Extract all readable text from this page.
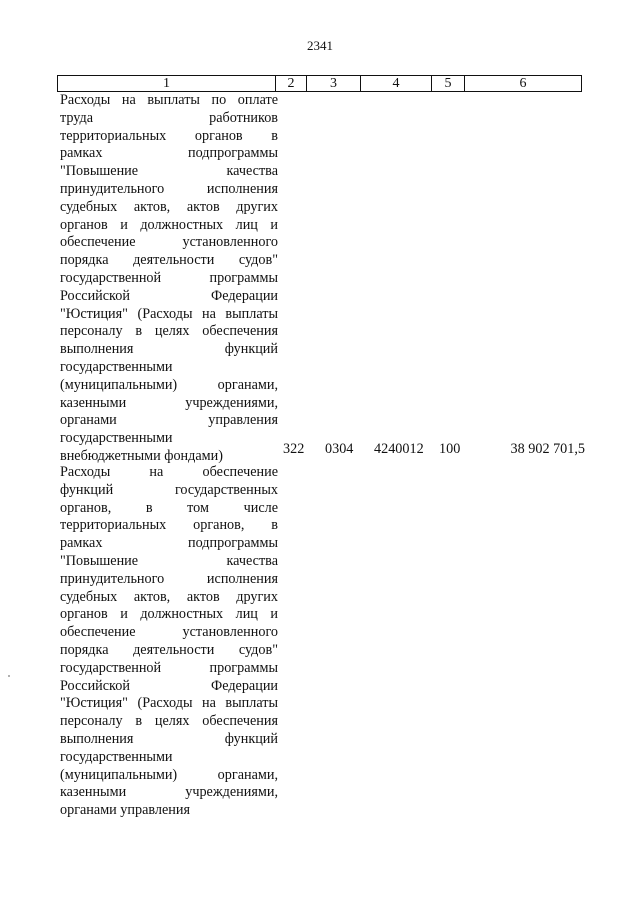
2341
1	2	3	4	5	6
Расходы на выплаты по оплате
труда работников
территориальных органов в
рамках подпрограммы
"Повышение качества
принудительного исполнения
судебных актов, актов других
органов и должностных лиц и
обеспечение установленного
порядка деятельности судов"
государственной программы
Российской Федерации
"Юстиция" (Расходы на выплаты
персоналу в целях обеспечения
выполнения функций
государственными
(муниципальными) органами,
казенными учреждениями,
органами управления
государственными
внебюджетными фондами)	322 0304 4240012 100	38 902 701,5
Расходы на обеспечение
функций государственных
органов, в том числе
территориальных органов, в
рамках подпрограммы
"Повышение качества
принудительного исполнения
судебных актов, актов других
органов и должностных лиц и
обеспечение установленного
порядка деятельности судов"
государственной программы
Российской Федерации
"Юстиция" (Расходы на выплаты
персоналу в целях обеспечения
выполнения функций
государственными
(муниципальными) органами,
казенными учреждениями,
органами управления
